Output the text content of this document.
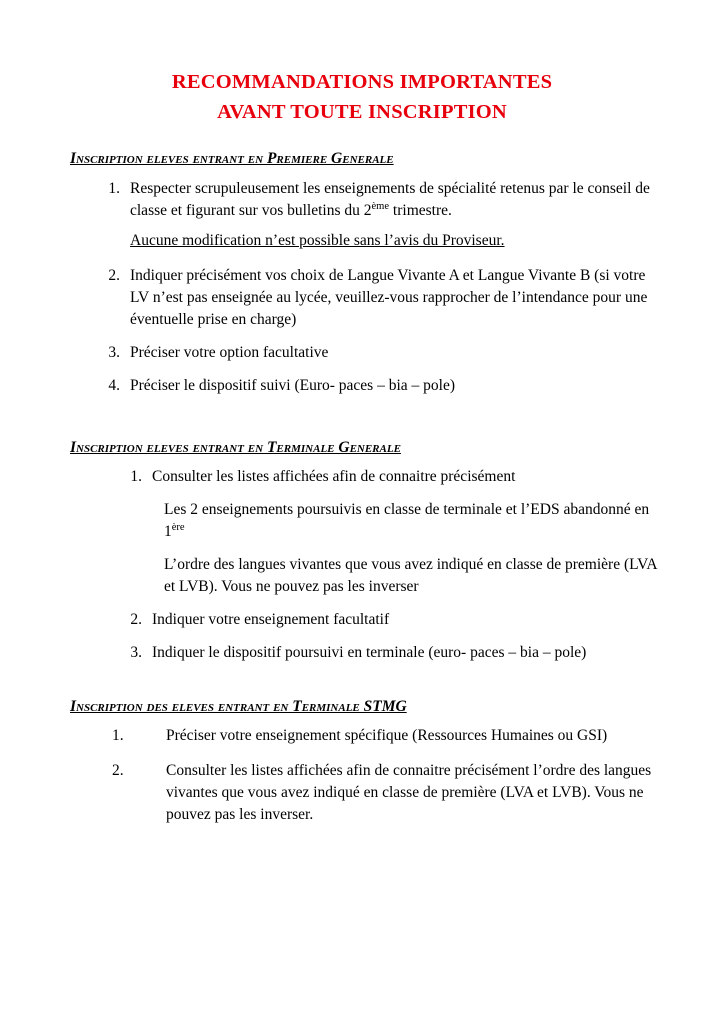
RECOMMANDATIONS IMPORTANTES
AVANT TOUTE INSCRIPTION
Inscription eleves entrant en Premiere Generale
1. Respecter scrupuleusement les enseignements de spécialité retenus par le conseil de classe et figurant sur vos bulletins du 2ème trimestre.
Aucune modification n’est possible sans l’avis du Proviseur.
2. Indiquer précisément vos choix de Langue Vivante A et Langue Vivante B (si votre LV n’est pas enseignée au lycée, veuillez-vous rapprocher de l’intendance pour une éventuelle prise en charge)
3. Préciser votre option facultative
4. Préciser le dispositif suivi (Euro- paces – bia – pole)
Inscription eleves entrant en Terminale Generale
1. Consulter les listes affichées afin de connaitre précisément
Les 2 enseignements poursuivis en classe de terminale et l’EDS abandonné en 1ère
L’ordre des langues vivantes que vous avez indiqué en classe de première (LVA et LVB). Vous ne pouvez pas les inverser
2. Indiquer votre enseignement facultatif
3. Indiquer le dispositif poursuivi en terminale (euro- paces – bia – pole)
Inscription des eleves entrant en Terminale STMG
1.	Préciser votre enseignement spécifique (Ressources Humaines ou GSI)
2.	Consulter les listes affichées afin de connaitre précisément l’ordre des langues vivantes que vous avez indiqué en classe de première (LVA et LVB). Vous ne pouvez pas les inverser.
